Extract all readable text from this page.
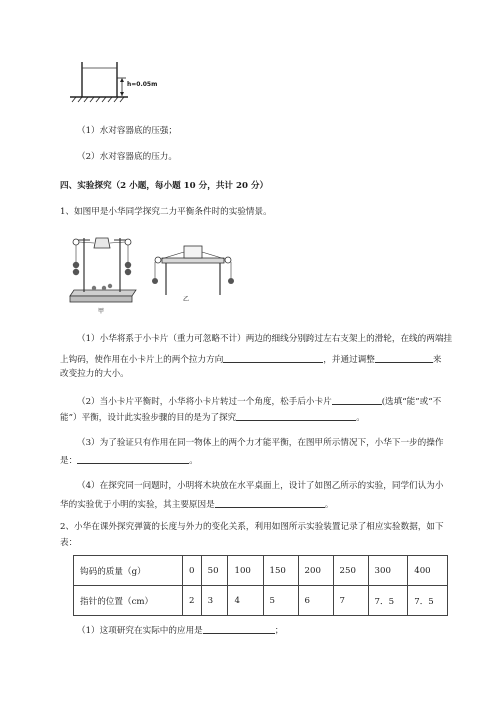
h=0.05m
（1）水对容器底的压强；
（2）水对容器底的压力。
四、实验探究（2 小题，每小题 10 分，共计 20 分）
1、如图甲是小华同学探究二力平衡条件时的实验情景。
甲
乙
（1）小华将系于小卡片（重力可忽略不计）两边的细线分别跨过左右支架上的滑轮，在线的两端挂
上钩码，使作用在小卡片上的两个拉力方向	，并通过调整	来
改变拉力的大小。
（2）当小卡片平衡时，小华将小卡片转过一个角度，松手后小卡片	(选填“能”或“不
能”）平衡，设计此实验步骤的目的是为了探究	。
（3）为了验证只有作用在同一物体上的两个力才能平衡，在图甲所示情况下，小华下一步的操作
是：	。
（4）在探究同一问题时，小明将木块放在水平桌面上，设计了如图乙所示的实验，同学们认为小
华的实验优于小明的实验，其主要原因是	。
2、小华在课外探究弹簧的长度与外力的变化关系，利用如图所示实验装置记录了相应实验数据，如下
表：
钩码的质量（g）	0	50	100	150	200	250	300	400
指针的位置（cm）	2	3	4	5	6	7	7．5	7．5
（1）这项研究在实际中的应用是	；
